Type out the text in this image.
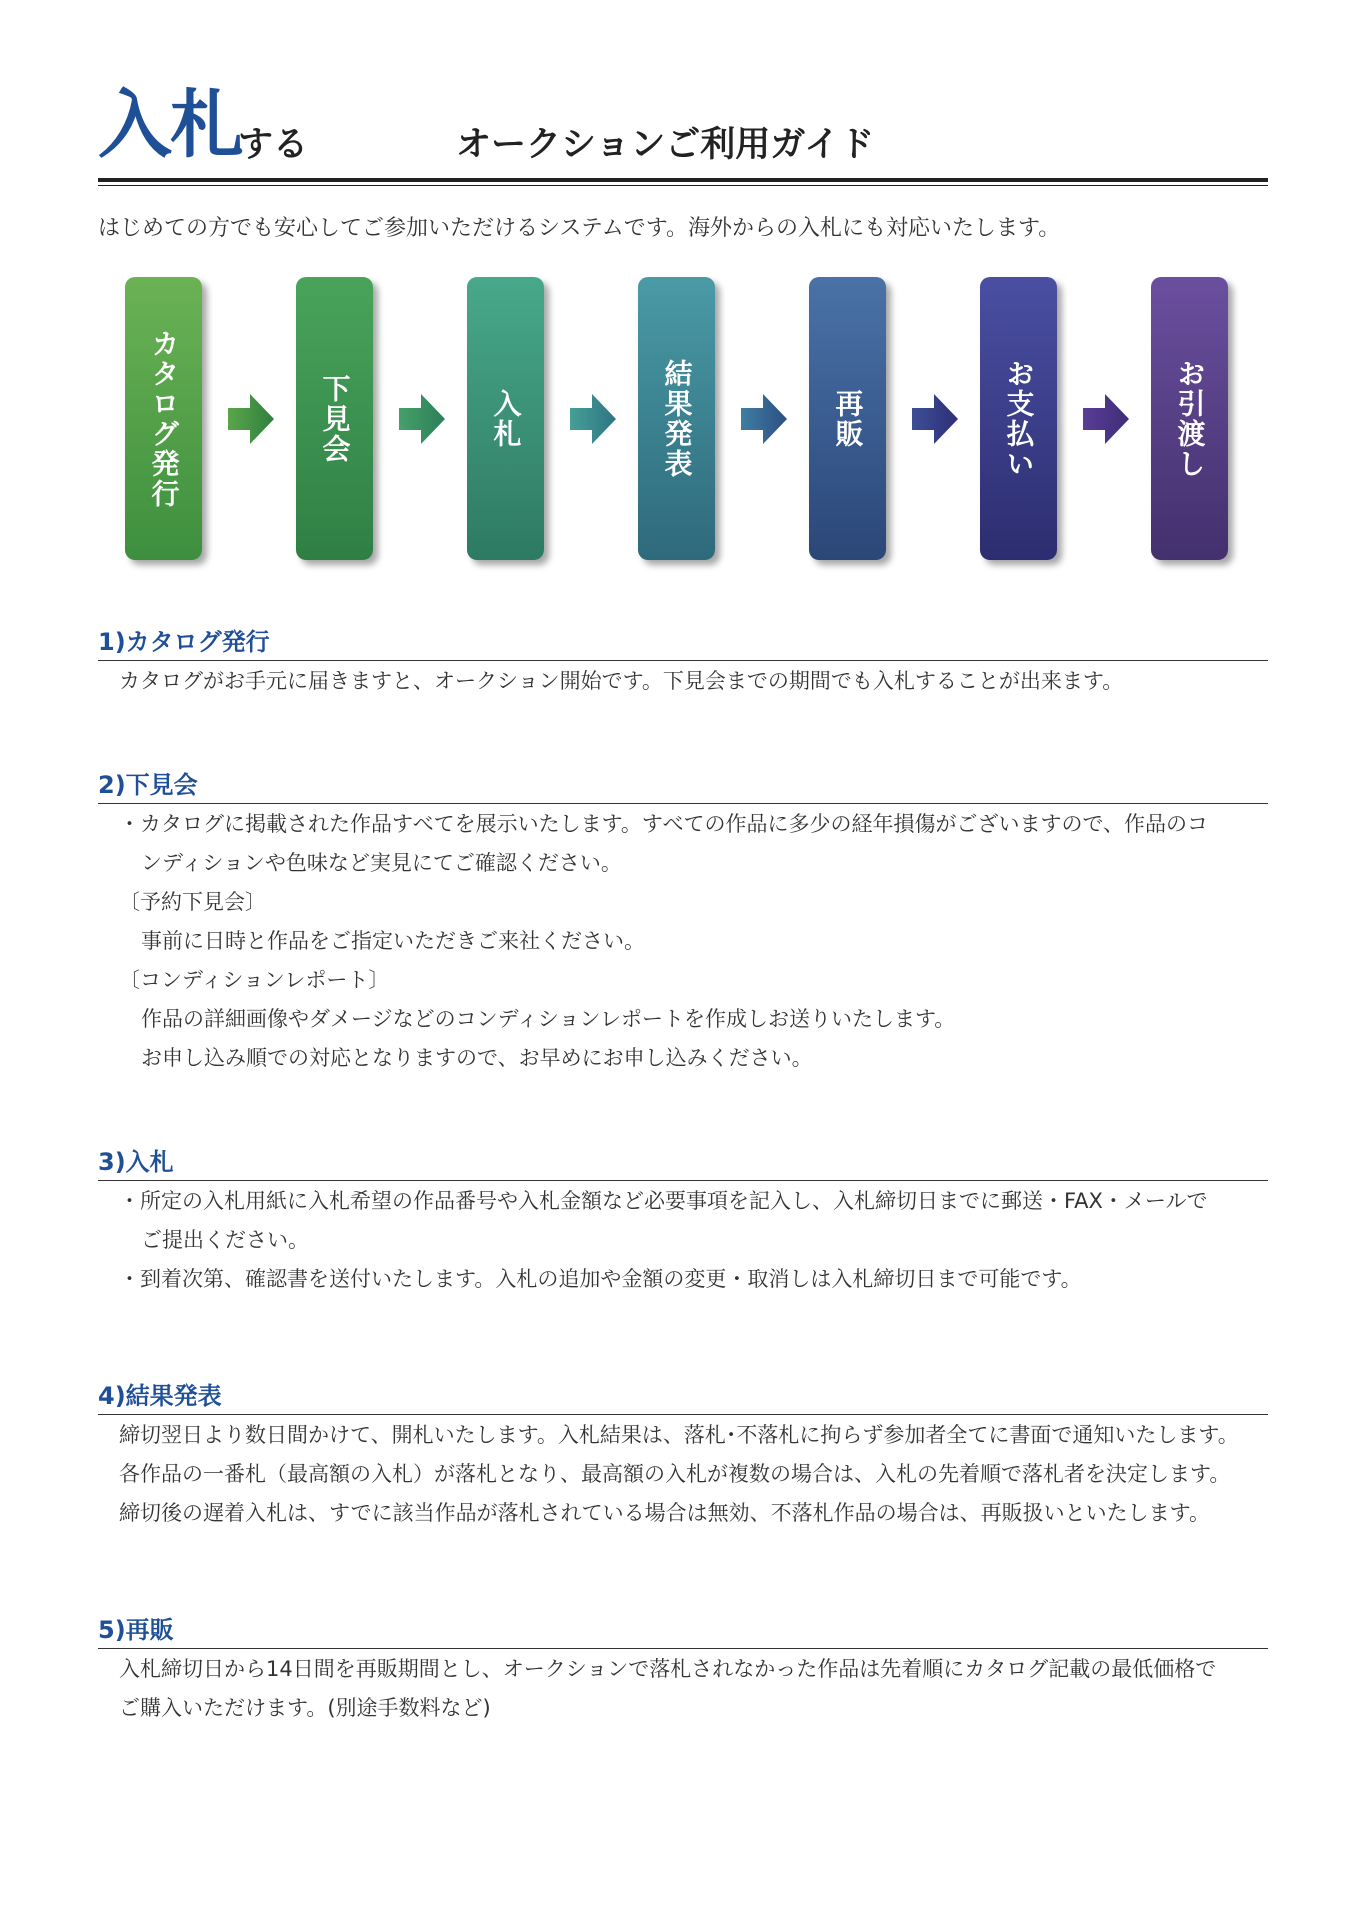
入札
する	オークションご利用ガイド
はじめての方でも安心してご参加いただけるシステムです。海外からの入札にも対応いたします。
カタログ発行	下見会	入札	結果発表	再販	お支払い	お引渡し
1)カタログ発行
カタログがお手元に届きますと、オークション開始です。下見会までの期間でも入札することが出来ます。
2)下見会
・カタログに掲載された作品すべてを展示いたします。すべての作品に多少の経年損傷がございますので、作品のコ
ンディションや色味など実見にてご確認ください。
〔予約下見会〕
事前に日時と作品をご指定いただきご来社ください。
〔コンディションレポート〕
作品の詳細画像やダメージなどのコンディションレポートを作成しお送りいたします。
お申し込み順での対応となりますので、お早めにお申し込みください。
3)入札
・所定の入札用紙に入札希望の作品番号や入札金額など必要事項を記入し、入札締切日までに郵送・FAX・メールで
ご提出ください。
・到着次第、確認書を送付いたします。入札の追加や金額の変更・取消しは入札締切日まで可能です。
4)結果発表
締切翌日より数日間かけて、開札いたします。入札結果は、落札･不落札に拘らず参加者全てに書面で通知いたします。
各作品の一番札（最高額の入札）が落札となり、最高額の入札が複数の場合は、入札の先着順で落札者を決定します。
締切後の遅着入札は、すでに該当作品が落札されている場合は無効、不落札作品の場合は、再販扱いといたします。
5)再販
入札締切日から14日間を再販期間とし、オークションで落札されなかった作品は先着順にカタログ記載の最低価格で
ご購入いただけます。(別途手数料など)
